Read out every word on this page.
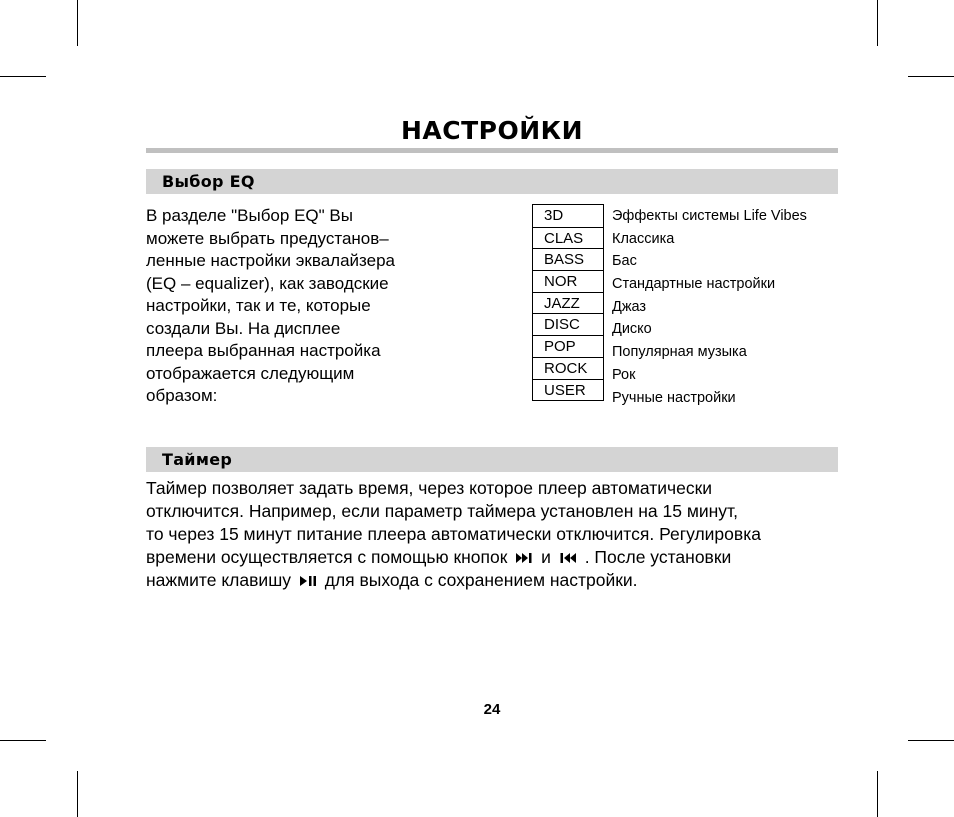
НАСТРОЙКИ
Выбор EQ
В разделе "Выбор EQ" Вы
можете выбрать предустанов–
ленные настройки эквалайзера
(EQ – equalizer), как заводские
настройки, так и те, которые
создали Вы. На дисплее
плеера выбранная настройка
отображается следующим
образом:
3D
CLAS
BASS
NOR
JAZZ
DISC
POP
ROCK
USER
Эффекты системы Life Vibes
Классика
Бас
Стандартные настройки
Джаз
Диско
Популярная музыка
Рок
Ручные настройки
Таймер
Таймер позволяет задать время, через которое плеер автоматически
отключится. Например, если параметр таймера установлен на 15 минут,
то через 15 минут питание плеера автоматически отключится. Регулировка
времени осуществляется с помощью кнопок и . После установки
нажмите клавишу для выхода с сохранением настройки.
24
